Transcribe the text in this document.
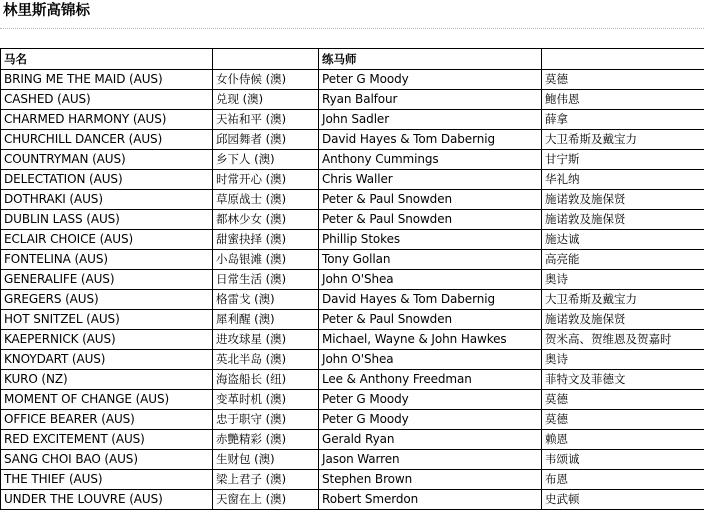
林里斯高锦标
马名		练马师	
BRING ME THE MAID (AUS)	女仆侍候 (澳)	Peter G Moody	莫德
CASHED (AUS)	兑现 (澳)	Ryan Balfour	鲍伟恩
CHARMED HARMONY (AUS)	天祐和平 (澳)	John Sadler	薛拿
CHURCHILL DANCER (AUS)	邱园舞者 (澳)	David Hayes & Tom Dabernig	大卫希斯及戴宝力
COUNTRYMAN (AUS)	乡下人 (澳)	Anthony Cummings	甘宁斯
DELECTATION (AUS)	时常开心 (澳)	Chris Waller	华礼纳
DOTHRAKI (AUS)	草原战士 (澳)	Peter & Paul Snowden	施诺敦及施保贤
DUBLIN LASS (AUS)	都林少女 (澳)	Peter & Paul Snowden	施诺敦及施保贤
ECLAIR CHOICE (AUS)	甜蜜抉择 (澳)	Phillip Stokes	施达诚
FONTELINA (AUS)	小岛银滩 (澳)	Tony Gollan	高亮能
GENERALIFE (AUS)	日常生活 (澳)	John O'Shea	奥诗
GREGERS (AUS)	格雷戈 (澳)	David Hayes & Tom Dabernig	大卫希斯及戴宝力
HOT SNITZEL (AUS)	犀利醒 (澳)	Peter & Paul Snowden	施诺敦及施保贤
KAEPERNICK (AUS)	进攻球星 (澳)	Michael, Wayne & John Hawkes	贺米高、贺维恩及贺嘉时
KNOYDART (AUS)	英北半岛 (澳)	John O'Shea	奥诗
KURO (NZ)	海盗船长 (纽)	Lee & Anthony Freedman	菲特文及菲德文
MOMENT OF CHANGE (AUS)	变革时机 (澳)	Peter G Moody	莫德
OFFICE BEARER (AUS)	忠于职守 (澳)	Peter G Moody	莫德
RED EXCITEMENT (AUS)	赤艷精彩 (澳)	Gerald Ryan	赖恩
SANG CHOI BAO (AUS)	生财包 (澳)	Jason Warren	韦颂诚
THE THIEF (AUS)	梁上君子 (澳)	Stephen Brown	布恩
UNDER THE LOUVRE (AUS)	天窗在上 (澳)	Robert Smerdon	史武顿
